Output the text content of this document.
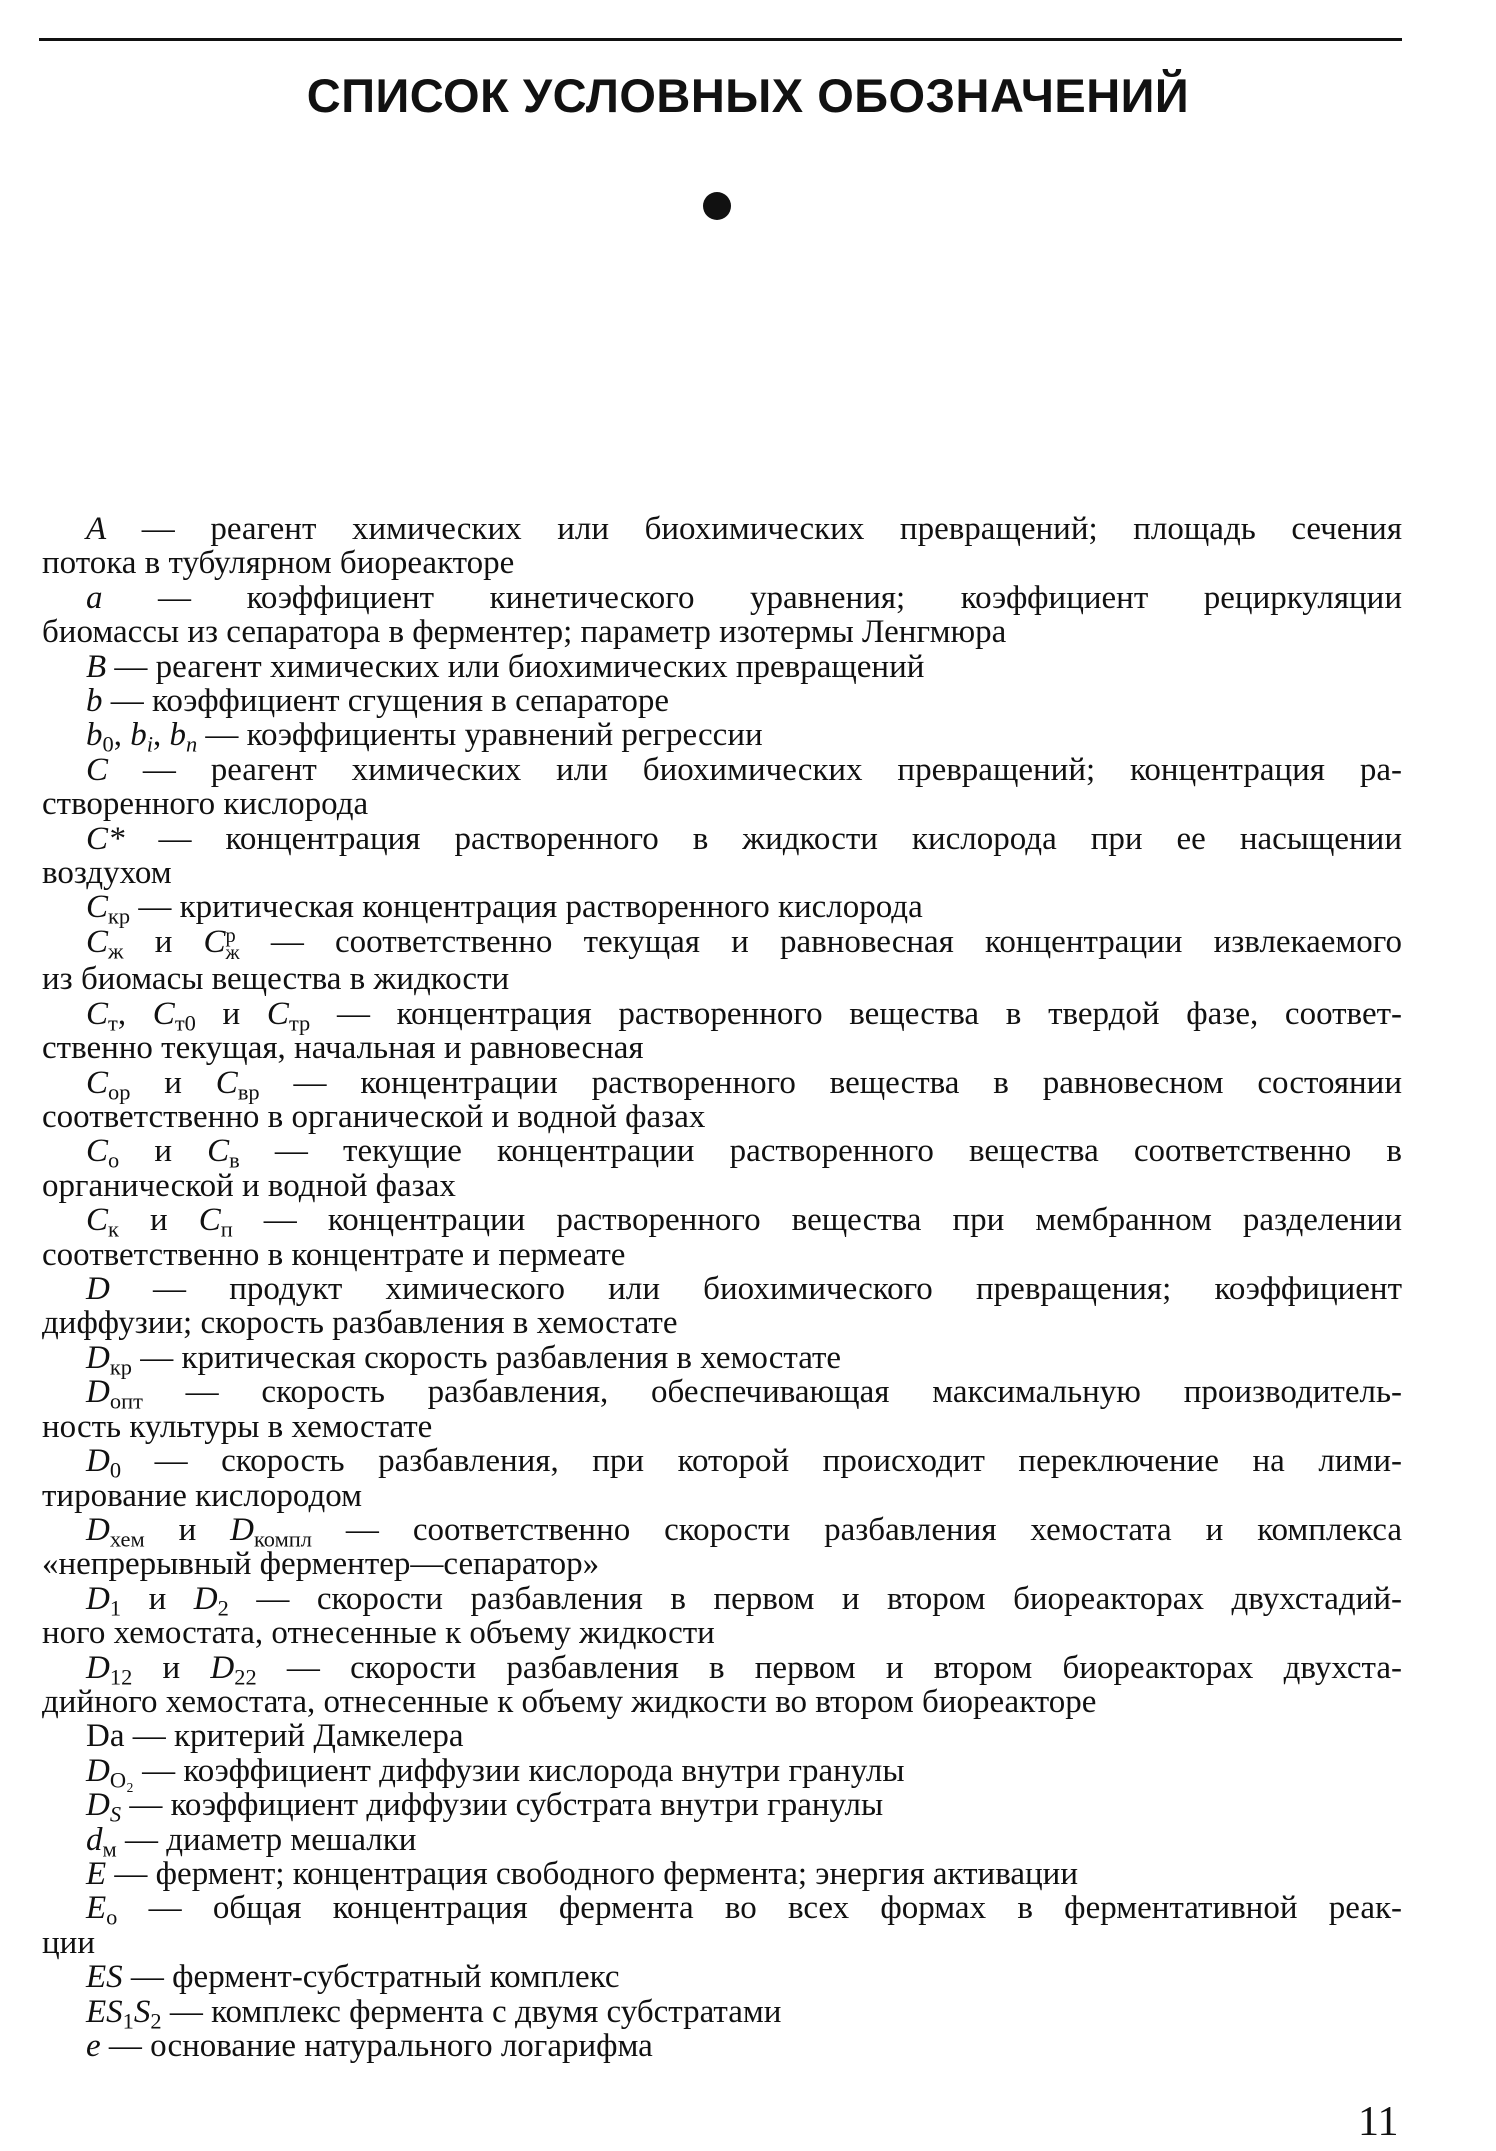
СПИСОК УСЛОВНЫХ ОБОЗНАЧЕНИЙ
A — реагент химических или биохимических превращений; площадь сечения
потока в тубулярном биореакторе
a — коэффициент кинетического уравнения; коэффициент рециркуляции
биомассы из сепаратора в ферментер; параметр изотермы Ленгмюра
B — реагент химических или биохимических превращений
b — коэффициент сгущения в сепараторе
$b_0$, bi, bn — коэффициенты уравнений регрессии
C — реагент химических или биохимических превращений; концентрация ра-
створенного кислорода
C* — концентрация растворенного в жидкости кислорода при ее насыщении
воздухом
$C_{кр}$ — критическая концентрация растворенного кислорода
$C_ж$ и C р
ж — соответственно текущая и равновесная концентрации извлекаемого
из биомасы вещества в жидкости
$C_т$, $C_{т0}$ и $C_{тр}$ — концентрация растворенного вещества в твердой фазе, соответ-
ственно текущая, начальная и равновесная
$C_{ор}$ и $C_{вр}$ — концентрации растворенного вещества в равновесном состоянии
соответственно в органической и водной фазах
$C_о$ и $C_в$ — текущие концентрации растворенного вещества соответственно в
органической и водной фазах
$C_к$ и $C_п$ — концентрации растворенного вещества при мембранном разделении
соответственно в концентрате и пермеате
D — продукт химического или биохимического превращения; коэффициент
диффузии; скорость разбавления в хемостате
$D_{кр}$ — критическая скорость разбавления в хемостате
$D_{опт}$ — скорость разбавления, обеспечивающая максимальную производитель-
ность культуры в хемостате
$D_0$ — скорость разбавления, при которой происходит переключение на лими-
тирование кислородом
$D_{хем}$ и $D_{компл}$ — соответственно скорости разбавления хемостата и комплекса
«непрерывный ферментер—сепаратор»
$D_1$ и $D_2$ — скорости разбавления в первом и втором биореакторах двухстадий-
ного хемостата, отнесенные к объему жидкости
$D_{12}$ и $D_{22}$ — скорости разбавления в первом и втором биореакторах двухста-
дийного хемостата, отнесенные к объему жидкости во втором биореакторе
Da — критерий Дамкелера
$D_{O_2}$ — коэффициент диффузии кислорода внутри гранулы
DS — коэффициент диффузии субстрата внутри гранулы
$d_м$ — диаметр мешалки
E — фермент; концентрация свободного фермента; энергия активации
$E_о$ — общая концентрация фермента во всех формах в ферментативной реак-
ции
ES — фермент-субстратный комплекс
$ES_1S_2$ — комплекс фермента с двумя субстратами
e — основание натурального логарифма
11
